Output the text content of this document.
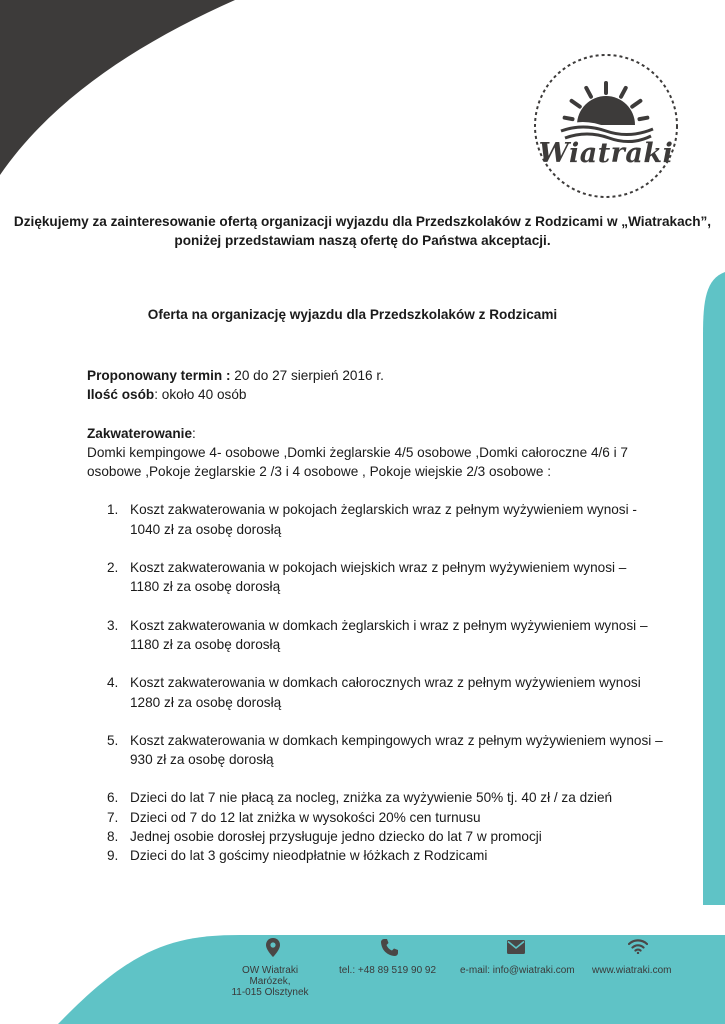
Wiatraki
Dziękujemy za zainteresowanie ofertą organizacji wyjazdu dla Przedszkolaków z Rodzicami w „Wiatrakach”,
poniżej przedstawiam naszą ofertę do Państwa akceptacji.
Oferta na organizację wyjazdu dla Przedszkolaków z Rodzicami

Proponowany termin : 20 do 27 sierpień 2016 r.

Ilość osób: około 40 osób

Zakwaterowanie:

Domki kempingowe 4- osobowe ,Domki żeglarskie 4/5 osobowe ,Domki całoroczne 4/6 i 7

osobowe ,Pokoje żeglarskie 2 /3 i 4 osobowe , Pokoje wiejskie 2/3 osobowe :

1. Koszt zakwaterowania w pokojach żeglarskich wraz z pełnym wyżywieniem wynosi -
1040 zł za osobę dorosłą
2. Koszt zakwaterowania w pokojach wiejskich wraz z pełnym wyżywieniem wynosi –
1180 zł za osobę dorosłą
3. Koszt zakwaterowania w domkach żeglarskich i wraz z pełnym wyżywieniem wynosi –
1180 zł za osobę dorosłą
4. Koszt zakwaterowania w domkach całorocznych wraz z pełnym wyżywieniem wynosi
1280 zł za osobę dorosłą
5. Koszt zakwaterowania w domkach kempingowych wraz z pełnym wyżywieniem wynosi –
930 zł za osobę dorosłą
6. Dzieci do lat 7 nie płacą za nocleg, zniżka za wyżywienie 50% tj. 40 zł / za dzień
7. Dzieci od 7 do 12 lat zniżka w wysokości 20% cen turnusu
8. Jednej osobie dorosłej przysługuje jedno dziecko do lat 7 w promocji
9. Dzieci do lat 3 gościmy nieodpłatnie w łóżkach z Rodzicami
OW Wiatraki
Marózek,
11-015 Olsztynek
tel.: +48 89 519 90 92 e-mail: info@wiatraki.com www.wiatraki.com
